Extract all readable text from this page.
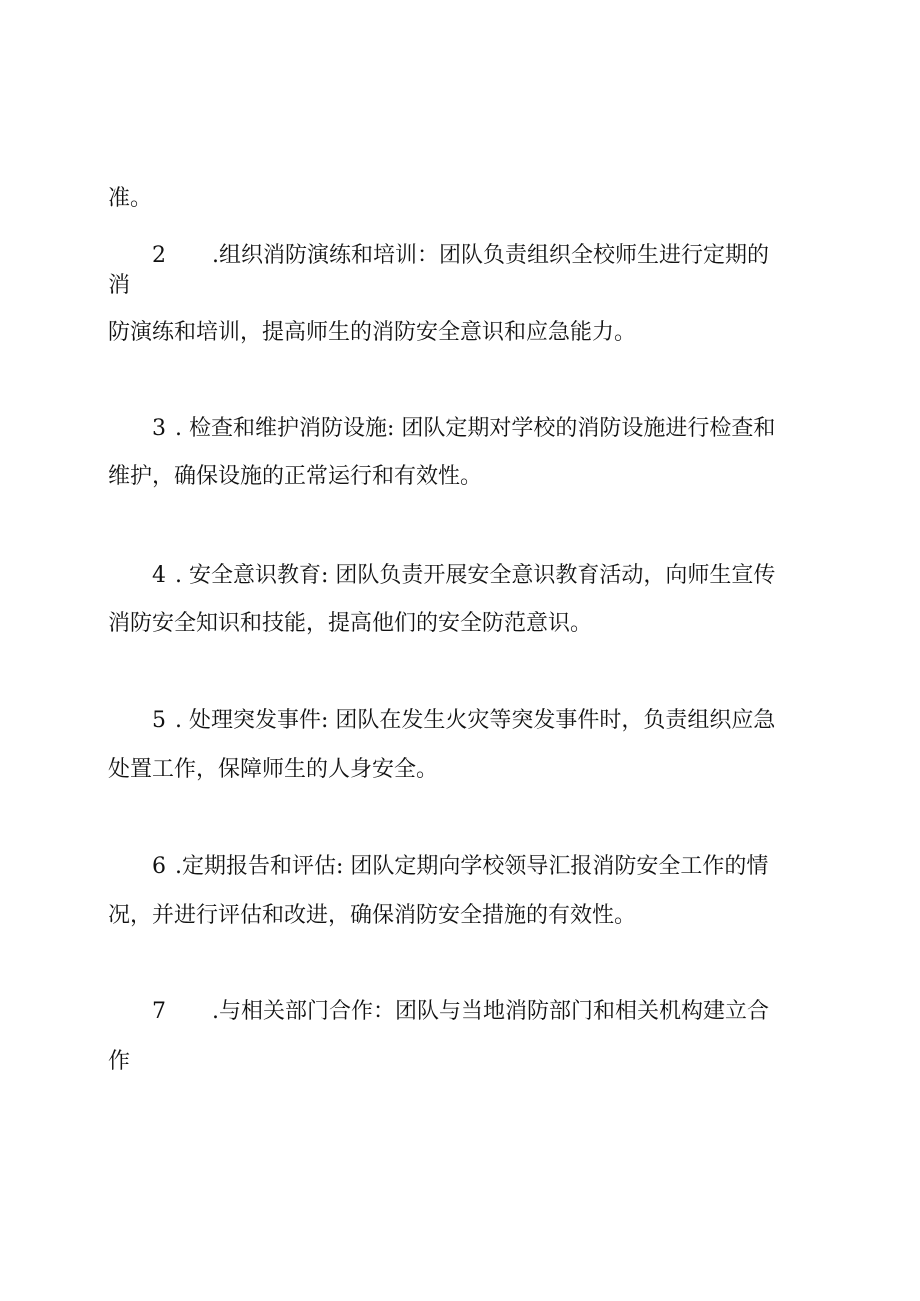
准。

2 .组织消防演练和培训：团队负责组织全校师生进行定期的

消

防演练和培训，提高师生的消防安全意识和应急能力。

3 . 检查和维护消防设施: 团队定期对学校的消防设施进行检查和

维护，确保设施的正常运行和有效性。

4 . 安全意识教育: 团队负责开展安全意识教育活动，向师生宣传

消防安全知识和技能，提高他们的安全防范意识。

5 . 处理突发事件: 团队在发生火灾等突发事件时，负责组织应急

处置工作，保障师生的人身安全。

6 .定期报告和评估: 团队定期向学校领导汇报消防安全工作的情

况，并进行评估和改进，确保消防安全措施的有效性。

7 .与相关部门合作：团队与当地消防部门和相关机构建立合

作
